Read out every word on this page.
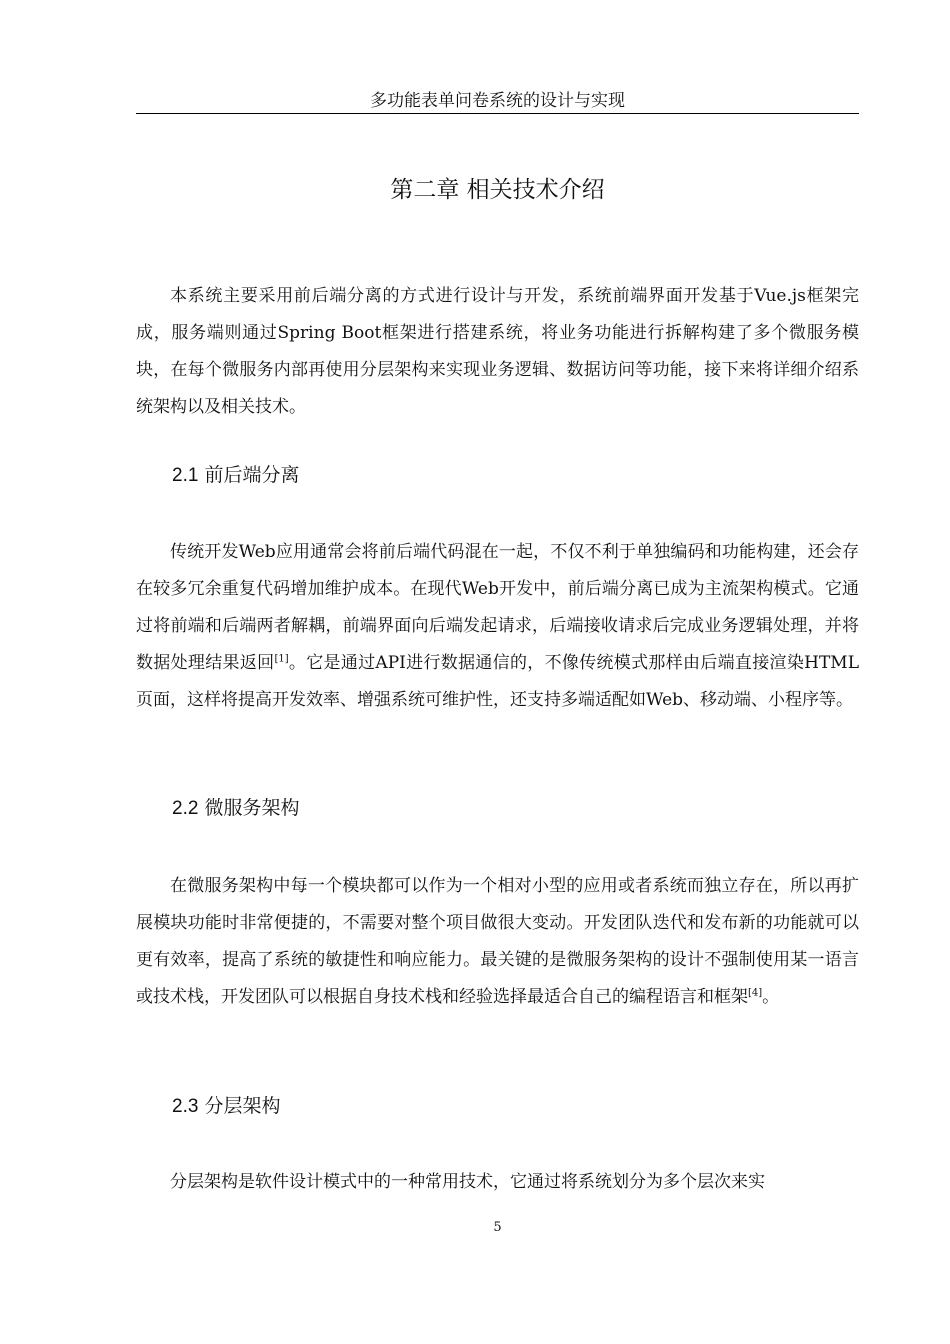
多功能表单问卷系统的设计与实现
第二章 相关技术介绍

本系统主要采用前后端分离的方式进行设计与开发，系统前端界面开发基于Vue.js框架完成，服务端则通过Spring Boot框架进行搭建系统，将业务功能进行拆解构建了多个微服务模块，在每个微服务内部再使用分层架构来实现业务逻辑、数据访问等功能，接下来将详细介绍系统架构以及相关技术。

2.1 前后端分离

传统开发Web应用通常会将前后端代码混在一起，不仅不利于单独编码和功能构建，还会存在较多冗余重复代码增加维护成本。在现代Web开发中，前后端分离已成为主流架构模式。它通过将前端和后端两者解耦，前端界面向后端发起请求，后端接收请求后完成业务逻辑处理，并将数据处理结果返回[1]。它是通过API进行数据通信的，不像传统模式那样由后端直接渲染HTML页面，这样将提高开发效率、增强系统可维护性，还支持多端适配如Web、移动端、小程序等。

2.2 微服务架构

在微服务架构中每一个模块都可以作为一个相对小型的应用或者系统而独立存在，所以再扩展模块功能时非常便捷的，不需要对整个项目做很大变动。开发团队迭代和发布新的功能就可以更有效率，提高了系统的敏捷性和响应能力。最关键的是微服务架构的设计不强制使用某一语言或技术栈，开发团队可以根据自身技术栈和经验选择最适合自己的编程语言和框架[4]。

2.3 分层架构

分层架构是软件设计模式中的一种常用技术，它通过将系统划分为多个层次来实

5
